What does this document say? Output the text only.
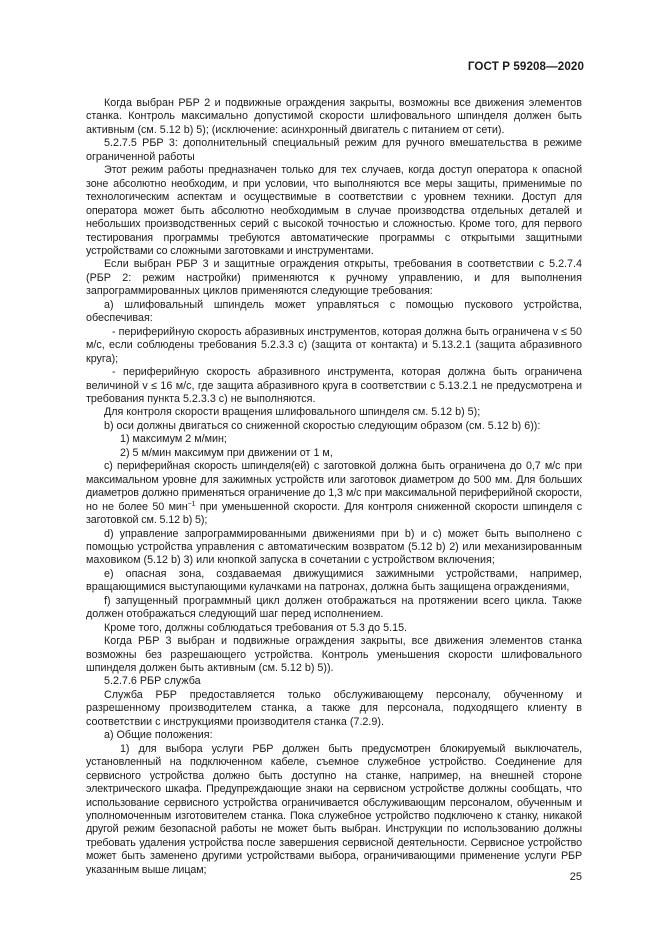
ГОСТ Р 59208—2020

Когда выбран РБР 2 и подвижные ограждения закрыты, возможны все движения элементов станка. Контроль максимально допустимой скорости шлифовального шпинделя должен быть активным (см. 5.12 b) 5); (исключение: асинхронный двигатель с питанием от сети).

5.2.7.5 РБР 3: дополнительный специальный режим для ручного вмешательства в режиме ограниченной работы

Этот режим работы предназначен только для тех случаев, когда доступ оператора к опасной зоне абсолютно необходим, и при условии, что выполняются все меры защиты, применимые по технологическим аспектам и осуществимые в соответствии с уровнем техники. Доступ для оператора может быть абсолютно необходимым в случае производства отдельных деталей и небольших производственных серий с высокой точностью и сложностью. Кроме того, для первого тестирования программы требуются автоматические программы с открытыми защитными устройствами со сложными заготовками и инструментами.

Если выбран РБР 3 и защитные ограждения открыты, требования в соответствии с 5.2.7.4 (РБР 2: режим настройки) применяются к ручному управлению, и для выполнения запрограммированных циклов применяются следующие требования:

а) шлифовальный шпиндель может управляться с помощью пускового устройства, обеспечивая:

- периферийную скорость абразивных инструментов, которая должна быть ограничена v ≤ 50 м/с, если соблюдены требования 5.2.3.3 с) (защита от контакта) и 5.13.2.1 (защита абразивного круга);

- периферийную скорость абразивного инструмента, которая должна быть ограничена величиной v ≤ 16 м/с, где защита абразивного круга в соответствии с 5.13.2.1 не предусмотрена и требования пункта 5.2.3.3 с) не выполняются.

Для контроля скорости вращения шлифовального шпинделя см. 5.12 b) 5);

b) оси должны двигаться со сниженной скоростью следующим образом (см. 5.12 b) 6)):

1) максимум 2 м/мин;

2) 5 м/мин максимум при движении от 1 м,

c) периферийная скорость шпинделя(ей) с заготовкой должна быть ограничена до 0,7 м/с при максимальном уровне для зажимных устройств или заготовок диаметром до 500 мм. Для больших диаметров должно применяться ограничение до 1,3 м/с при максимальной периферийной скорости, но не более 50 мин$^{-1}$ при уменьшенной скорости. Для контроля сниженной скорости шпинделя с заготовкой см. 5.12 b) 5);

d) управление запрограммированными движениями при b) и c) может быть выполнено с помощью устройства управления с автоматическим возвратом (5.12 b) 2) или механизированным маховиком (5.12 b) 3) или кнопкой запуска в сочетании с устройством включения;

e) опасная зона, создаваемая движущимися зажимными устройствами, например, вращающимися выступающими кулачками на патронах, должна быть защищена ограждениями,

f) запущенный программный цикл должен отображаться на протяжении всего цикла. Также должен отображаться следующий шаг перед исполнением.

Кроме того, должны соблюдаться требования от 5.3 до 5.15.

Когда РБР 3 выбран и подвижные ограждения закрыты, все движения элементов станка возможны без разрешающего устройства. Контроль уменьшения скорости шлифовального шпинделя должен быть активным (см. 5.12 b) 5)).

5.2.7.6 РБР служба

Служба РБР предоставляется только обслуживающему персоналу, обученному и разрешенному производителем станка, а также для персонала, подходящего клиенту в соответствии с инструкциями производителя станка (7.2.9).

а) Общие положения:

1) для выбора услуги РБР должен быть предусмотрен блокируемый выключатель, установленный на подключенном кабеле, съемное служебное устройство. Соединение для сервисного устройства должно быть доступно на станке, например, на внешней стороне электрического шкафа. Предупреждающие знаки на сервисном устройстве должны сообщать, что использование сервисного устройства ограничивается обслуживающим персоналом, обученным и уполномоченным изготовителем станка. Пока служебное устройство подключено к станку, никакой другой режим безопасной работы не может быть выбран. Инструкции по использованию должны требовать удаления устройства после завершения сервисной деятельности. Сервисное устройство может быть заменено другими устройствами выбора, ограничивающими применение услуги РБР указанным выше лицам;

25
